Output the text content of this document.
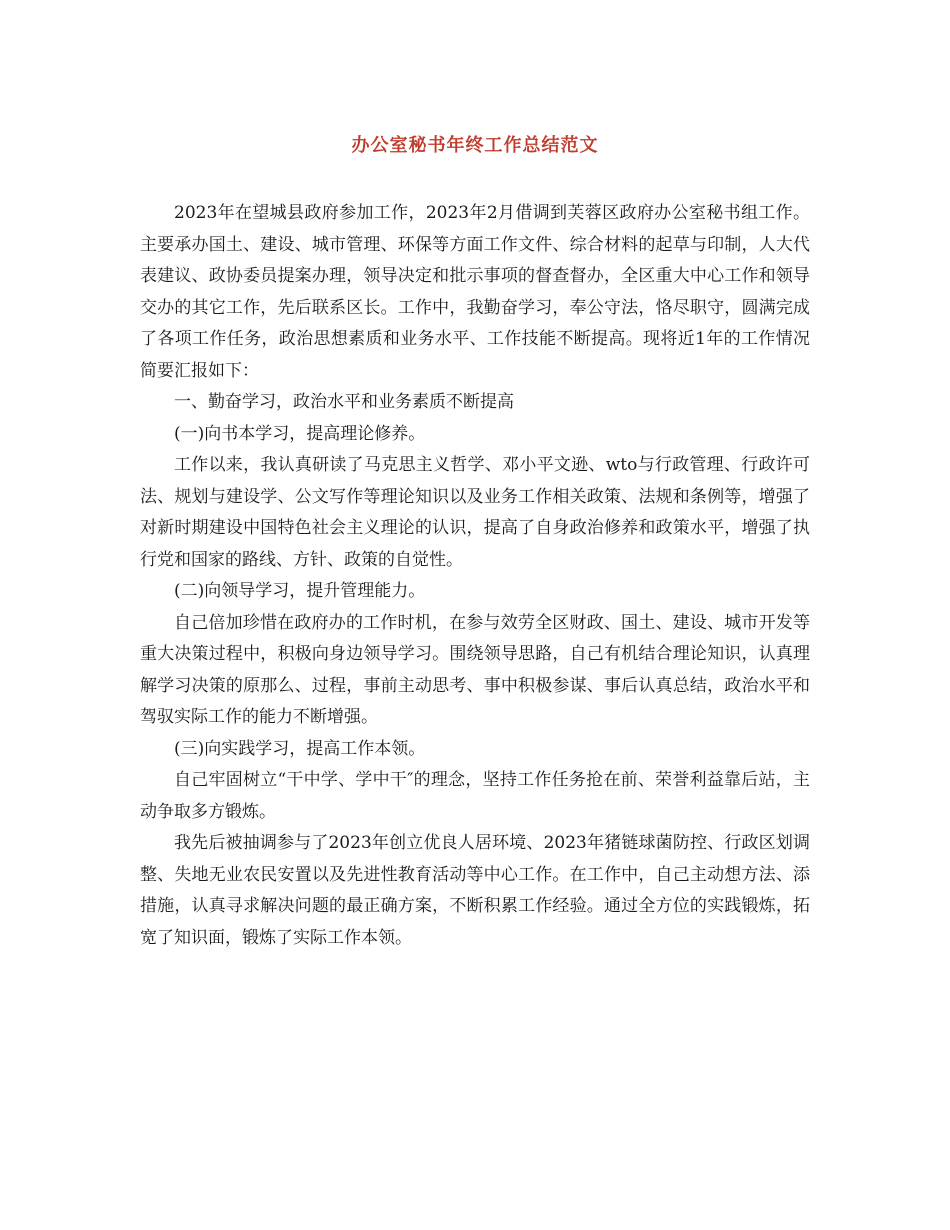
办公室秘书年终工作总结范文

2023年在望城县政府参加工作，2023年2月借调到芙蓉区政府办公室秘书组工作。主要承办国土、建设、城市管理、环保等方面工作文件、综合材料的起草与印制，人大代表建议、政协委员提案办理，领导决定和批示事项的督查督办，全区重大中心工作和领导交办的其它工作，先后联系区长。工作中，我勤奋学习，奉公守法，恪尽职守，圆满完成了各项工作任务，政治思想素质和业务水平、工作技能不断提高。现将近1年的工作情况简要汇报如下：

一、勤奋学习，政治水平和业务素质不断提高

(一)向书本学习，提高理论修养。

工作以来，我认真研读了马克思主义哲学、邓小平文逊、wto与行政管理、行政许可法、规划与建设学、公文写作等理论知识以及业务工作相关政策、法规和条例等，增强了对新时期建设中国特色社会主义理论的认识，提高了自身政治修养和政策水平，增强了执行党和国家的路线、方针、政策的自觉性。

(二)向领导学习，提升管理能力。

自己倍加珍惜在政府办的工作时机，在参与效劳全区财政、国土、建设、城市开发等重大决策过程中，积极向身边领导学习。围绕领导思路，自己有机结合理论知识，认真理解学习决策的原那么、过程，事前主动思考、事中积极参谋、事后认真总结，政治水平和驾驭实际工作的能力不断增强。

(三)向实践学习，提高工作本领。

自己牢固树立“干中学、学中干″的理念，坚持工作任务抢在前、荣誉利益靠后站，主动争取多方锻炼。

我先后被抽调参与了2023年创立优良人居环境、2023年猪链球菌防控、行政区划调整、失地无业农民安置以及先进性教育活动等中心工作。在工作中，自己主动想方法、添措施，认真寻求解决问题的最正确方案，不断积累工作经验。通过全方位的实践锻炼，拓宽了知识面，锻炼了实际工作本领。
